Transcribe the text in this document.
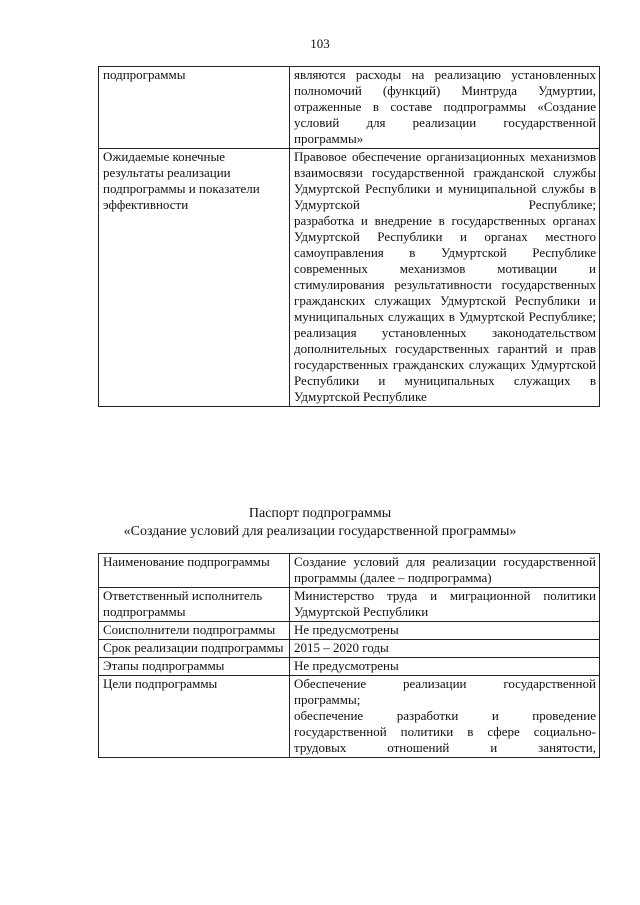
103
подпрограммы	являются расходы на реализацию установленных полномочий (функций) Минтруда Удмуртии, отраженные в составе подпрограммы «Создание условий для реализации государственной программы»

Ожидаемые конечные результаты реализации подпрограммы и показатели эффективности	Правовое обеспечение организационных механизмов взаимосвязи государственной гражданской службы Удмуртской Республики и муниципальной службы в Удмуртской Республике;
разработка и внедрение в государственных органах Удмуртской Республики и органах местного самоуправления в Удмуртской Республике современных механизмов мотивации и стимулирования результативности государственных гражданских служащих Удмуртской Республики и муниципальных служащих в Удмуртской Республике;
реализация установленных законодательством дополнительных государственных гарантий и прав государственных гражданских служащих Удмуртской Республики и муниципальных служащих в Удмуртской Республике
Паспорт подпрограммы
«Создание условий для реализации государственной программы»
Наименование подпрограммы	Создание условий для реализации государственной программы (далее – подпрограмма)

Ответственный исполнитель подпрограммы	Министерство труда и миграционной политики Удмуртской Республики

Соисполнители подпрограммы	Не предусмотрены

Срок реализации подпрограммы	2015 – 2020 годы

Этапы подпрограммы	Не предусмотрены

Цели подпрограммы	Обеспечение реализации государственной программы;
обеспечение разработки и проведение государственной политики в сфере социально-трудовых отношений и занятости,
